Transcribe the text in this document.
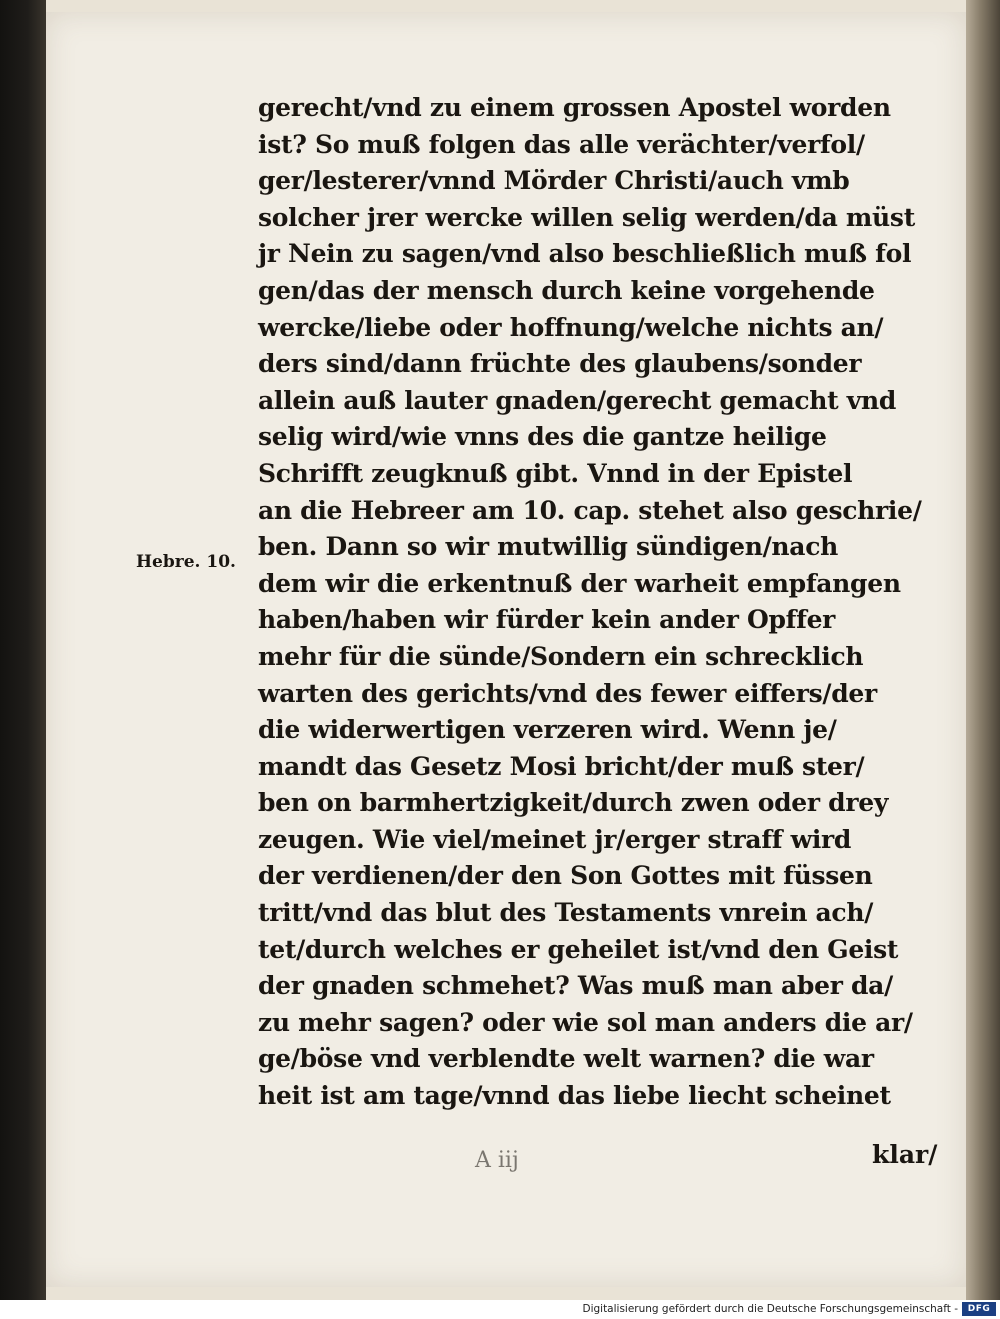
gerecht/vnd zu einem grossen Apostel worden
ist? So muß folgen das alle verächter/verfol/
ger/lesterer/vnnd Mörder Christi/auch vmb
solcher jrer wercke willen selig werden/da müst
jr Nein zu sagen/vnd also beschließlich muß fol
gen/das der mensch durch keine vorgehende
wercke/liebe oder hoffnung/welche nichts an/
ders sind/dann früchte des glaubens/sonder
allein auß lauter gnaden/gerecht gemacht vnd
selig wird/wie vnns des die gantze heilige
Schrifft zeugknuß gibt. Vnnd in der Epistel
an die Hebreer am 10. cap. stehet also geschrie/
ben. Dann so wir mutwillig sündigen/nach
dem wir die erkentnuß der warheit empfangen
haben/haben wir fürder kein ander Opffer
mehr für die sünde/Sondern ein schrecklich
warten des gerichts/vnd des fewer eiffers/der
die widerwertigen verzeren wird. Wenn je/
mandt das Gesetz Mosi bricht/der muß ster/
ben on barmhertzigkeit/durch zwen oder drey
zeugen. Wie viel/meinet jr/erger straff wird
der verdienen/der den Son Gottes mit füssen
tritt/vnd das blut des Testaments vnrein ach/
tet/durch welches er geheilet ist/vnd den Geist
der gnaden schmehet? Was muß man aber da/
zu mehr sagen? oder wie sol man anders die ar/
ge/böse vnd verblendte welt warnen? die war
heit ist am tage/vnnd das liebe liecht scheinet
Hebre. 10.
A iij	klar/
Digitalisierung gefördert durch die Deutsche Forschungsgemeinschaft -	DFG
